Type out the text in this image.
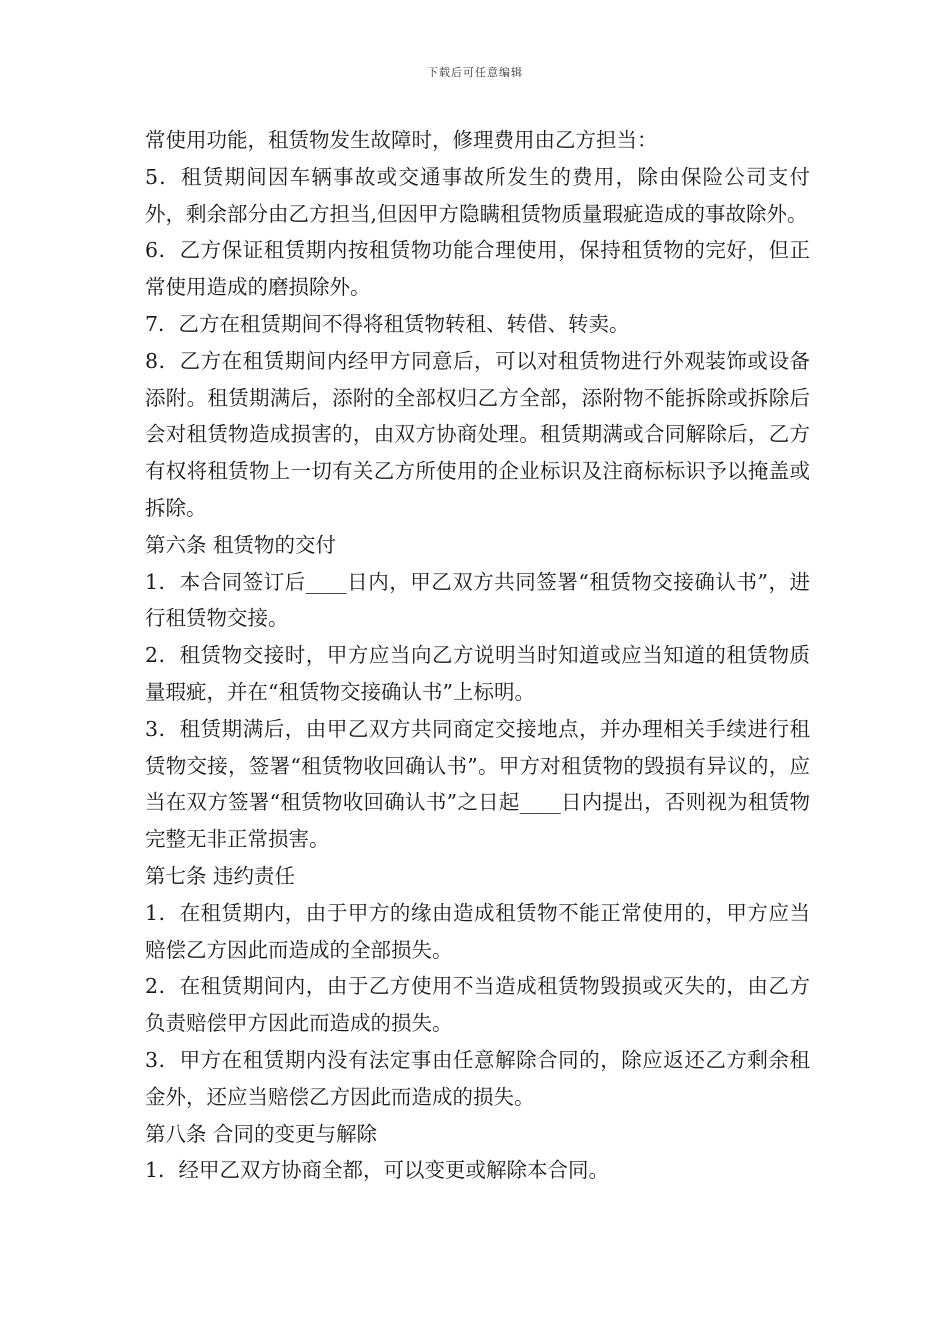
下载后可任意编辑

常使用功能，租赁物发生故障时，修理费用由乙方担当：

5．租赁期间因车辆事故或交通事故所发生的费用，除由保险公司支付外，剩余部分由乙方担当,但因甲方隐瞒租赁物质量瑕疵造成的事故除外。

6．乙方保证租赁期内按租赁物功能合理使用，保持租赁物的完好，但正常使用造成的磨损除外。

7．乙方在租赁期间不得将租赁物转租、转借、转卖。

8．乙方在租赁期间内经甲方同意后，可以对租赁物进行外观装饰或设备添附。租赁期满后，添附的全部权归乙方全部，添附物不能拆除或拆除后会对租赁物造成损害的，由双方协商处理。租赁期满或合同解除后，乙方有权将租赁物上一切有关乙方所使用的企业标识及注商标标识予以掩盖或拆除。

第六条 租赁物的交付

1．本合同签订后____日内，甲乙双方共同签署“租赁物交接确认书”，进行租赁物交接。

2．租赁物交接时，甲方应当向乙方说明当时知道或应当知道的租赁物质量瑕疵，并在“租赁物交接确认书”上标明。

3．租赁期满后，由甲乙双方共同商定交接地点，并办理相关手续进行租赁物交接，签署“租赁物收回确认书”。甲方对租赁物的毁损有异议的，应当在双方签署“租赁物收回确认书”之日起____日内提出，否则视为租赁物完整无非正常损害。

第七条 违约责任

1．在租赁期内，由于甲方的缘由造成租赁物不能正常使用的，甲方应当赔偿乙方因此而造成的全部损失。

2．在租赁期间内，由于乙方使用不当造成租赁物毁损或灭失的，由乙方负责赔偿甲方因此而造成的损失。

3．甲方在租赁期内没有法定事由任意解除合同的，除应返还乙方剩余租金外，还应当赔偿乙方因此而造成的损失。

第八条 合同的变更与解除

1．经甲乙双方协商全都，可以变更或解除本合同。
